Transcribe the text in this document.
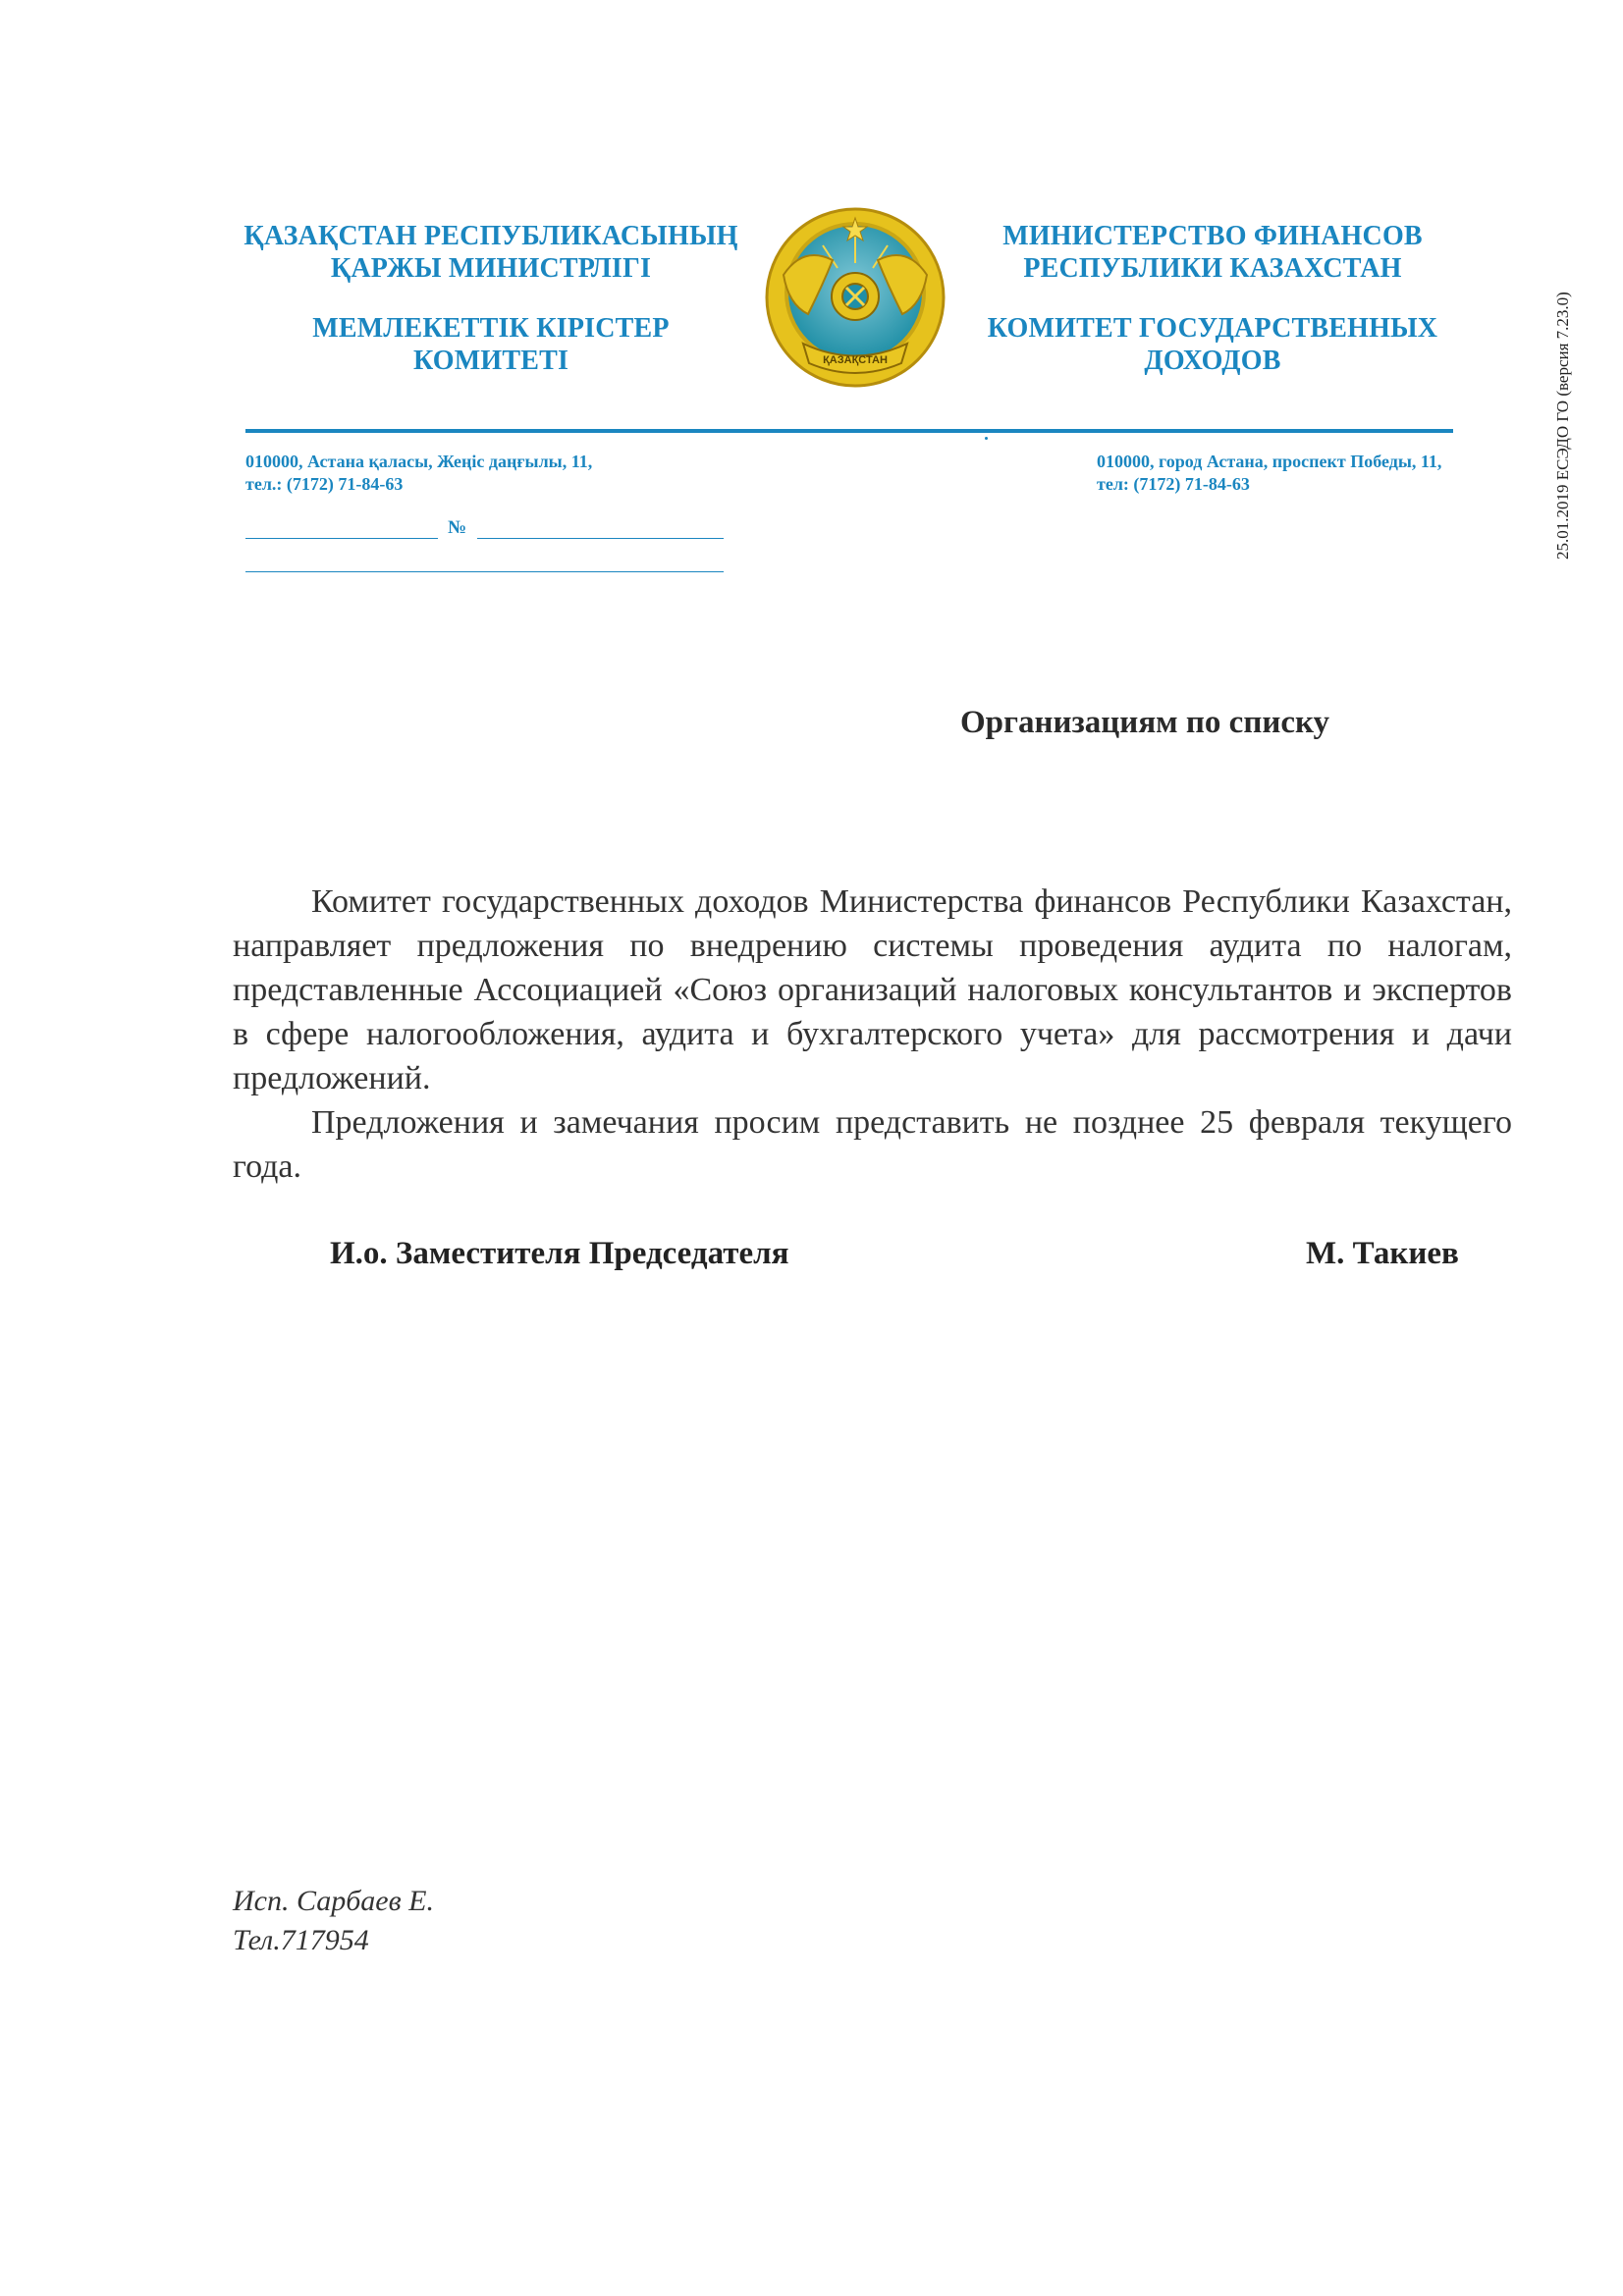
ҚАЗАҚСТАН РЕСПУБЛИКАСЫНЫҢ
ҚАРЖЫ МИНИСТРЛІГІ
МЕМЛЕКЕТТІК КІРІСТЕР
КОМИТЕТІ	ҚАЗАҚСТАН
МИНИСТЕРСТВО ФИНАНСОВ
РЕСПУБЛИКИ КАЗАХСТАН
КОМИТЕТ ГОСУДАРСТВЕННЫХ
ДОХОДОВ
010000, Астана қаласы, Жеңіс даңғылы, 11,
тел.: (7172) 71-84-63
010000, город Астана, проспект Победы, 11,
тел: (7172) 71-84-63
№	25.01.2019 ЕСЭДО ГО (версия 7.23.0)
Организациям по списку

Комитет государственных доходов Министерства финансов Республики Казахстан, направляет предложения по внедрению системы проведения аудита по налогам, представленные Ассоциацией «Союз организаций налоговых консультантов и экспертов в сфере налогообложения, аудита и бухгалтерского учета» для рассмотрения и дачи предложений.

Предложения и замечания просим представить не позднее 25 февраля текущего года.

И.о. Заместителя Председателя	М. Такиев
Исп. Сарбаев Е.
Тел.717954
